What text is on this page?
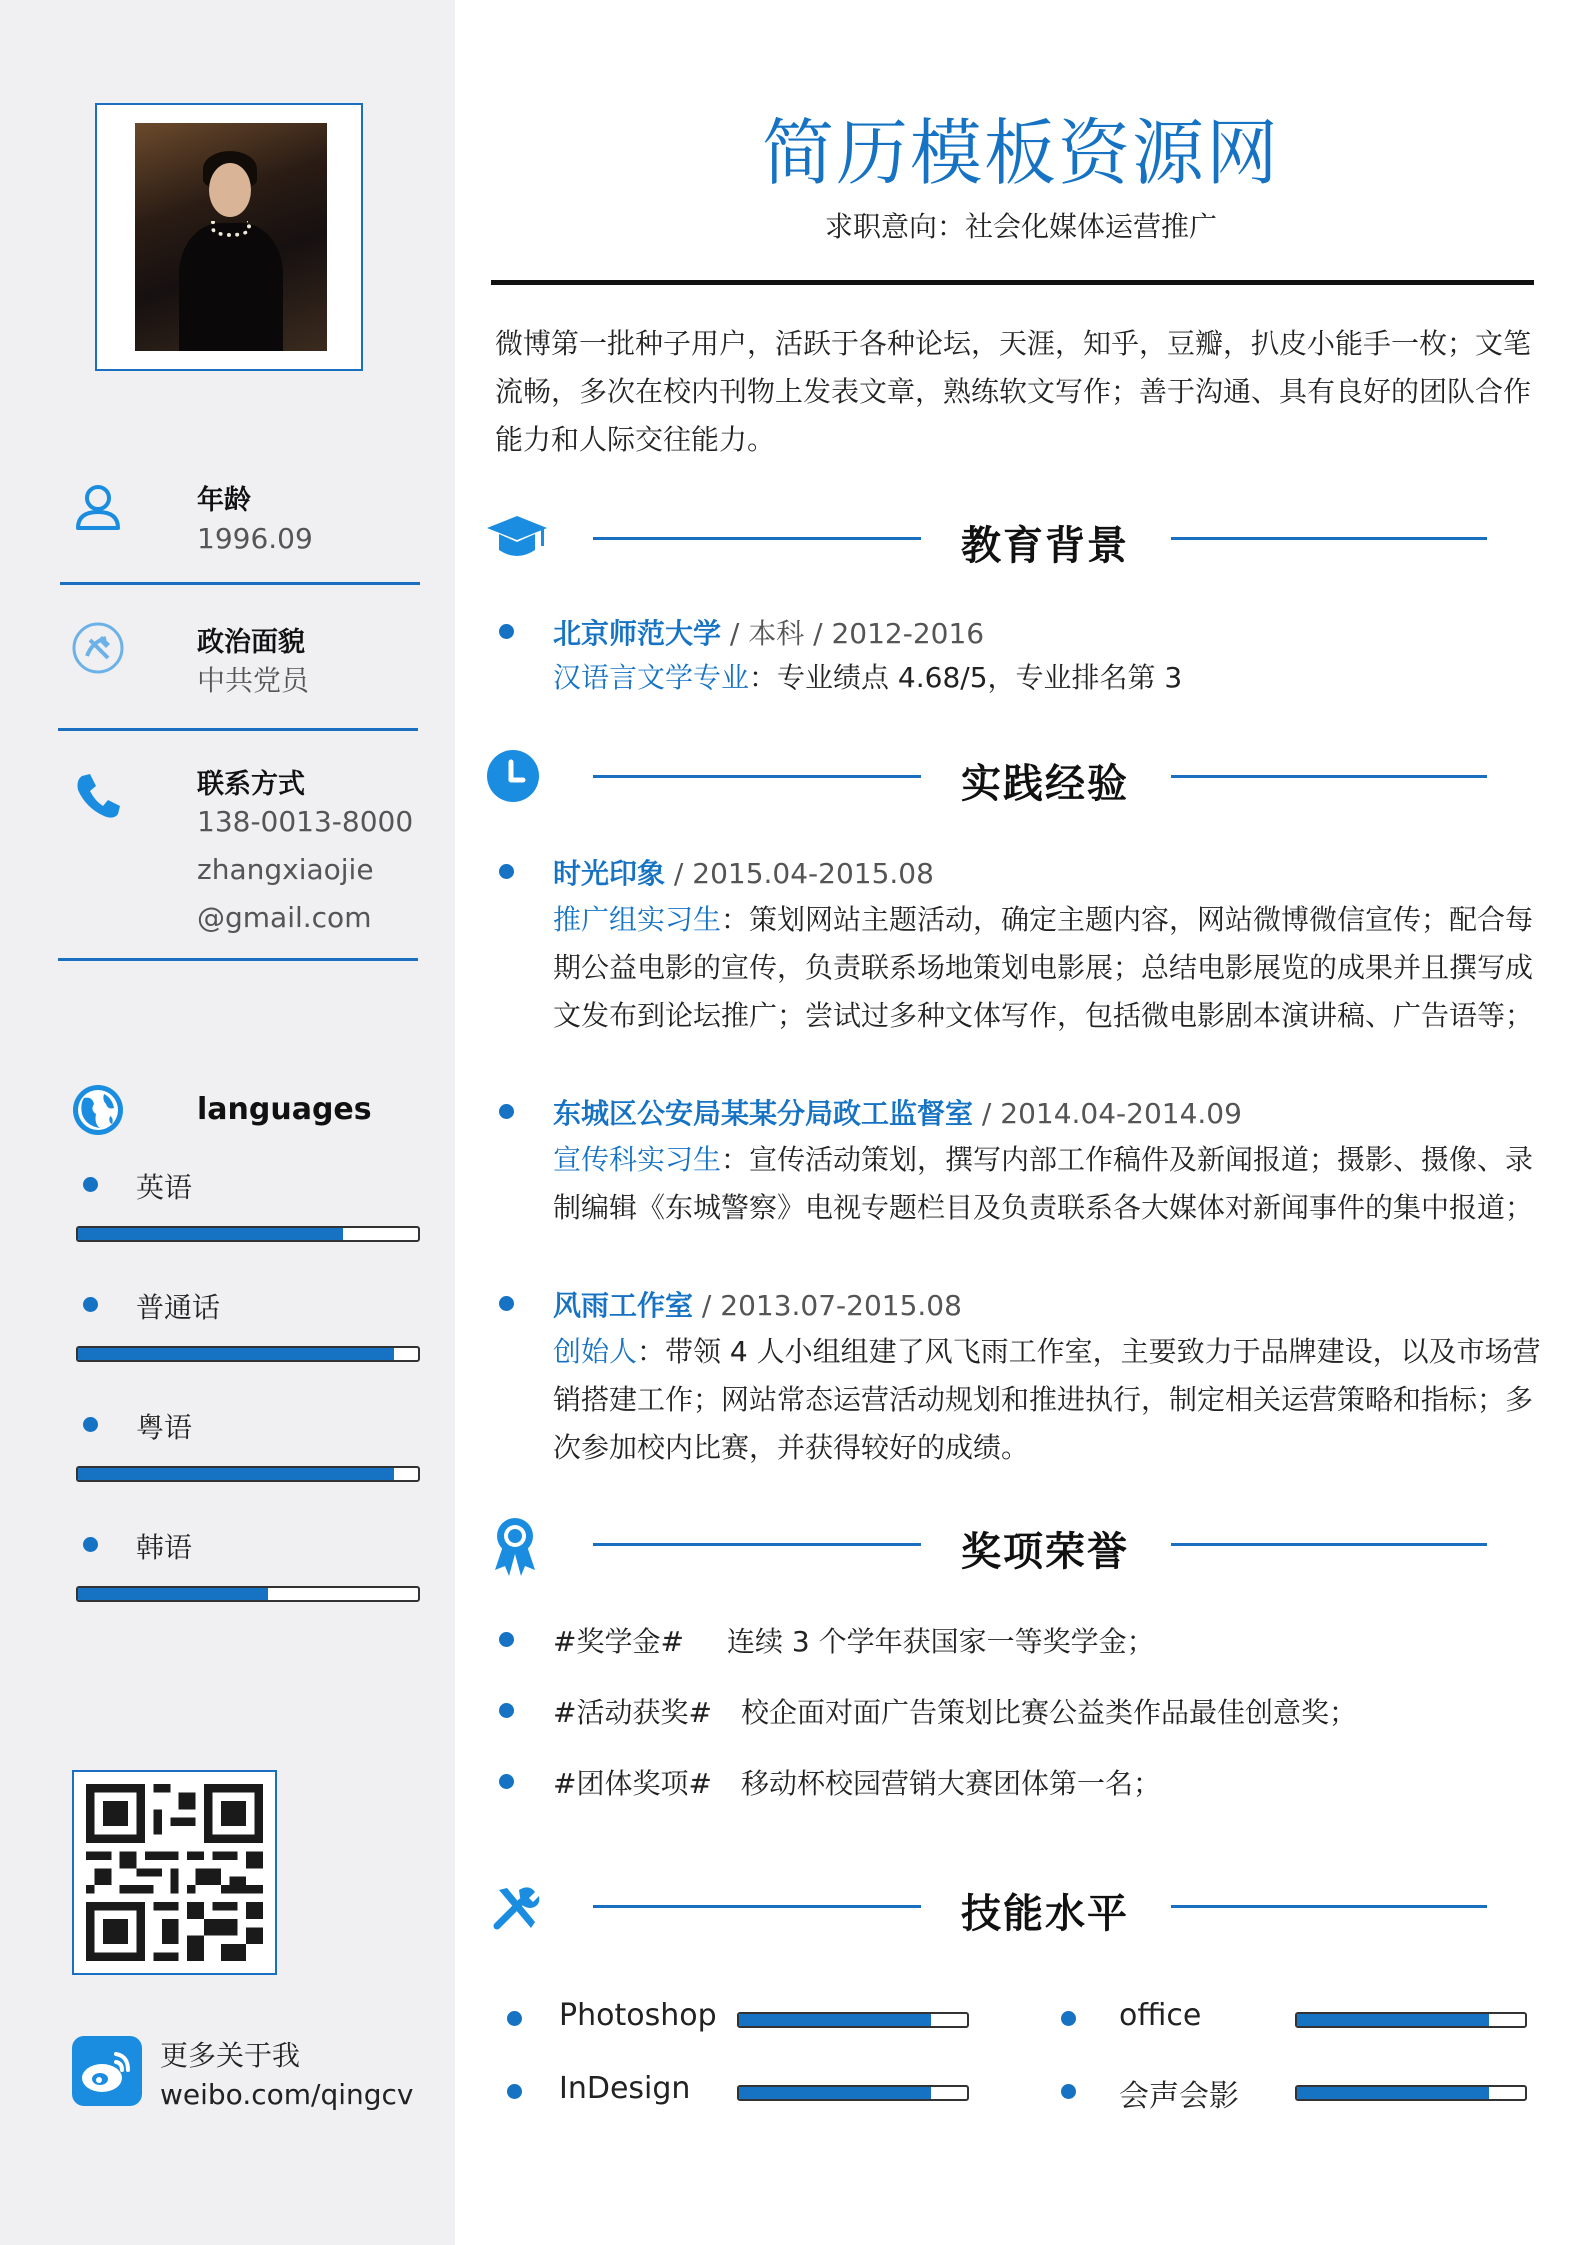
年龄
1996.09
政治面貌
中共党员
联系方式
138-0013-8000
zhangxiaojie
@gmail.com
languages
英语
普通话
粤语
韩语
更多关于我
weibo.com/qingcv
简历模板资源网
求职意向：社会化媒体运营推广
微博第一批种子用户，活跃于各种论坛，天涯，知乎，豆瓣，扒皮小能手一枚；文笔
流畅，多次在校内刊物上发表文章，熟练软文写作；善于沟通、具有良好的团队合作
能力和人际交往能力。
教育背景
北京师范大学 / 本科 / 2012-2016
汉语言文学专业：专业绩点 4.68/5，专业排名第 3
实践经验
时光印象 / 2015.04-2015.08
推广组实习生：策划网站主题活动，确定主题内容，网站微博微信宣传；配合每
期公益电影的宣传，负责联系场地策划电影展；总结电影展览的成果并且撰写成
文发布到论坛推广；尝试过多种文体写作，包括微电影剧本演讲稿、广告语等；
东城区公安局某某分局政工监督室 / 2014.04-2014.09
宣传科实习生：宣传活动策划，撰写内部工作稿件及新闻报道；摄影、摄像、录
制编辑《东城警察》电视专题栏目及负责联系各大媒体对新闻事件的集中报道；
风雨工作室 / 2013.07-2015.08
创始人：带领 4 人小组组建了风飞雨工作室，主要致力于品牌建设，以及市场营
销搭建工作；网站常态运营活动规划和推进执行，制定相关运营策略和指标；多
次参加校内比赛，并获得较好的成绩。
奖项荣誉
#奖学金# 连续 3 个学年获国家一等奖学金；
#活动获奖# 校企面对面广告策划比赛公益类作品最佳创意奖；
#团体奖项# 移动杯校园营销大赛团体第一名；
技能水平
Photoshop	office
InDesign	会声会影
